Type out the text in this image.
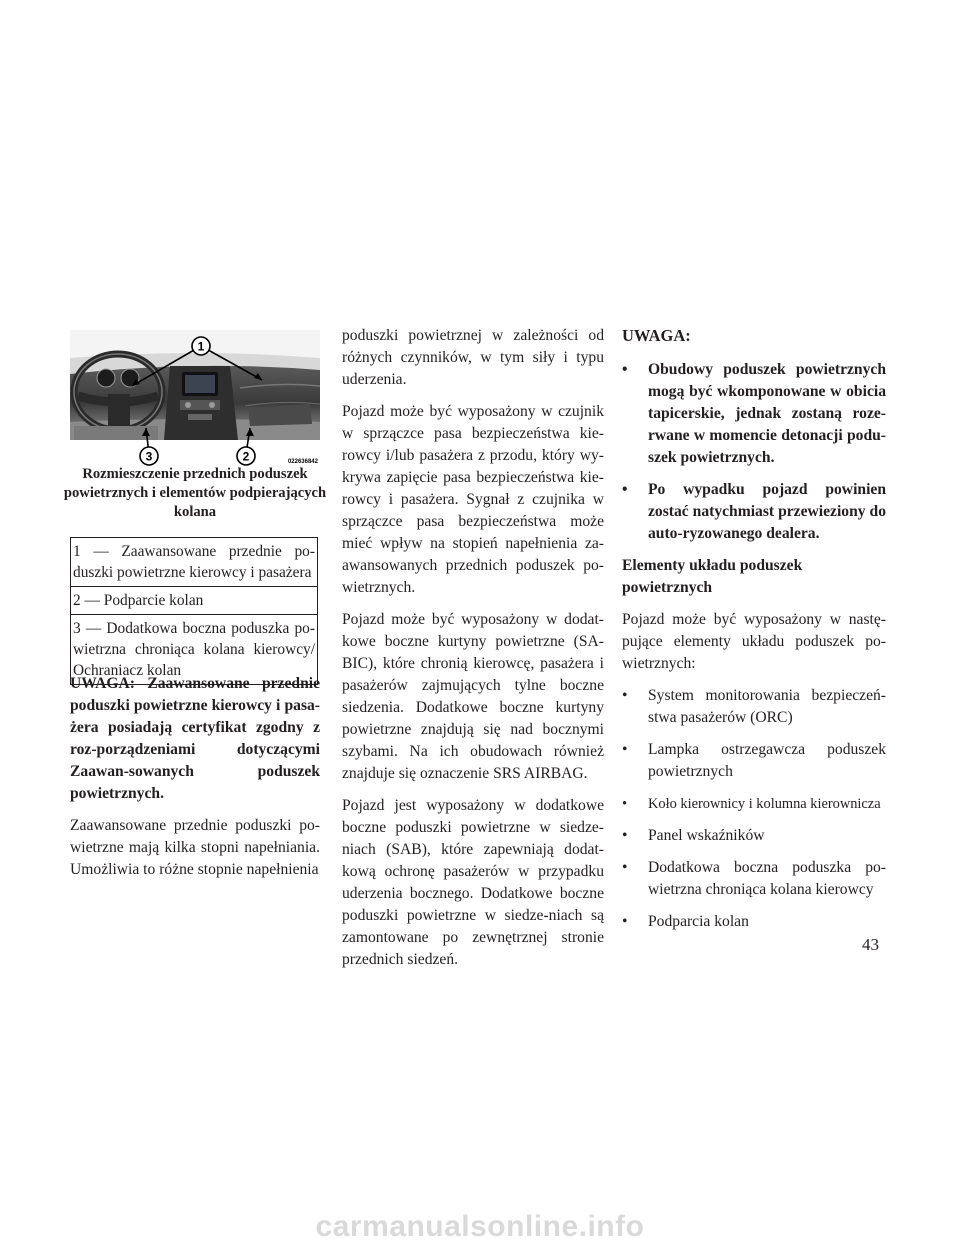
1
3	2	022636842
Rozmieszczenie przednich poduszek powietrznych i elementów podpierających kolana
1 — Zaawansowane przednie po-duszki powietrzne kierowcy i pasażera
2 — Podparcie kolan
3 — Dodatkowa boczna poduszka po-wietrzna chroniąca kolana kierowcy/ Ochraniacz kolan
UWAGA: Zaawansowane przednie poduszki powietrzne kierowcy i pasa-żera posiadają certyfikat zgodny z roz-porządzeniami dotyczącymi Zaawan-sowanych poduszek powietrznych.

Zaawansowane przednie poduszki po-wietrzne mają kilka stopni napełniania. Umożliwia to różne stopnie napełnienia

poduszki powietrznej w zależności od różnych czynników, w tym siły i typu uderzenia.

Pojazd może być wyposażony w czujnik w sprzączce pasa bezpieczeństwa kie-rowcy i/lub pasażera z przodu, który wy-krywa zapięcie pasa bezpieczeństwa kie-rowcy i pasażera. Sygnał z czujnika w sprzączce pasa bezpieczeństwa może mieć wpływ na stopień napełnienia za-awansowanych przednich poduszek po-wietrznych.

Pojazd może być wyposażony w dodat-kowe boczne kurtyny powietrzne (SA-BIC), które chronią kierowcę, pasażera i pasażerów zajmujących tylne boczne siedzenia. Dodatkowe boczne kurtyny powietrzne znajdują się nad bocznymi szybami. Na ich obudowach również znajduje się oznaczenie SRS AIRBAG.

Pojazd jest wyposażony w dodatkowe boczne poduszki powietrzne w siedze-niach (SAB), które zapewniają dodat-kową ochronę pasażerów w przypadku uderzenia bocznego. Dodatkowe boczne poduszki powietrzne w siedze-niach są zamontowane po zewnętrznej stronie przednich siedzeń.

UWAGA:
• Obudowy poduszek powietrznych mogą być wkomponowane w obicia tapicerskie, jednak zostaną roze-rwane w momencie detonacji podu-szek powietrznych.
• Po wypadku pojazd powinien zostać natychmiast przewieziony do auto-ryzowanego dealera.
Elementy układu poduszek powietrznych

Pojazd może być wyposażony w nastę-pujące elementy układu poduszek po-wietrznych:

• System monitorowania bezpieczeń-stwa pasażerów (ORC)
• Lampka ostrzegawcza poduszek powietrznych
• Koło kierownicy i kolumna kierownicza
• Panel wskaźników
• Dodatkowa boczna poduszka po-wietrzna chroniąca kolana kierowcy
• Podparcia kolan
43
carmanualsonline.info
